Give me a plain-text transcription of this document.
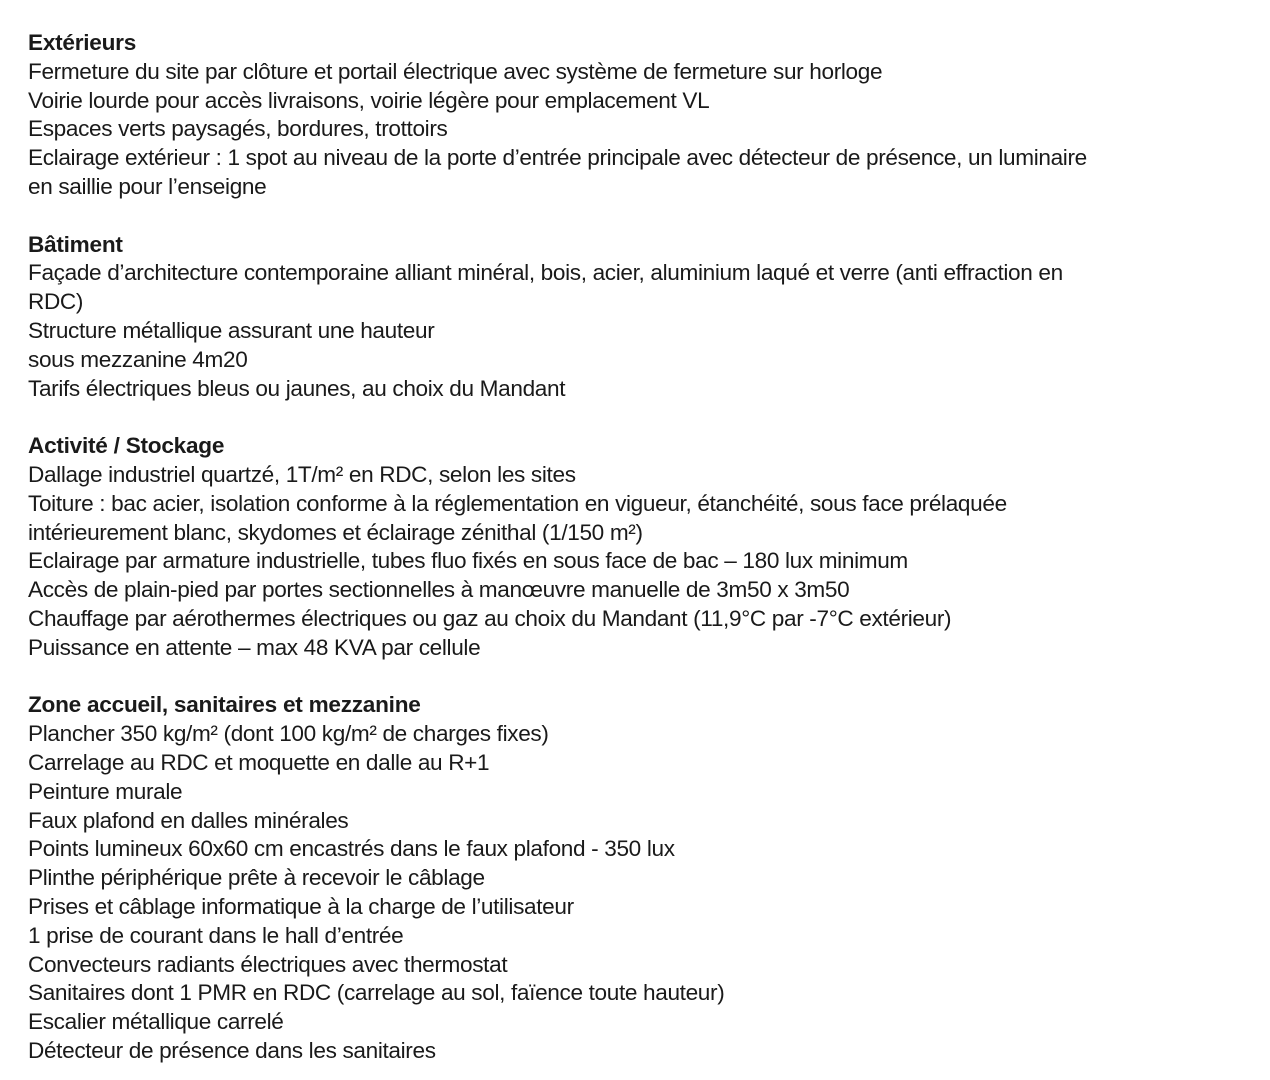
Extérieurs
Fermeture du site par clôture et portail électrique avec système de fermeture sur horloge
Voirie lourde pour accès livraisons, voirie légère pour emplacement VL
Espaces verts paysagés, bordures, trottoirs
Eclairage extérieur : 1 spot au niveau de la porte d’entrée principale avec détecteur de présence, un luminaire
en saillie pour l’enseigne
Bâtiment
Façade d’architecture contemporaine alliant minéral, bois, acier, aluminium laqué et verre (anti effraction en
RDC)
Structure métallique assurant une hauteur
sous mezzanine 4m20
Tarifs électriques bleus ou jaunes, au choix du Mandant
Activité / Stockage
Dallage industriel quartzé, 1T/m² en RDC, selon les sites
Toiture : bac acier, isolation conforme à la réglementation en vigueur, étanchéité, sous face prélaquée
intérieurement blanc, skydomes et éclairage zénithal (1/150 m²)
Eclairage par armature industrielle, tubes fluo fixés en sous face de bac – 180 lux minimum
Accès de plain-pied par portes sectionnelles à manœuvre manuelle de 3m50 x 3m50
Chauffage par aérothermes électriques ou gaz au choix du Mandant (11,9°C par -7°C extérieur)
Puissance en attente – max 48 KVA par cellule
Zone accueil, sanitaires et mezzanine
Plancher 350 kg/m² (dont 100 kg/m² de charges fixes)
Carrelage au RDC et moquette en dalle au R+1
Peinture murale
Faux plafond en dalles minérales
Points lumineux 60x60 cm encastrés dans le faux plafond - 350 lux
Plinthe périphérique prête à recevoir le câblage
Prises et câblage informatique à la charge de l’utilisateur
1 prise de courant dans le hall d’entrée
Convecteurs radiants électriques avec thermostat
Sanitaires dont 1 PMR en RDC (carrelage au sol, faïence toute hauteur)
Escalier métallique carrelé
Détecteur de présence dans les sanitaires
